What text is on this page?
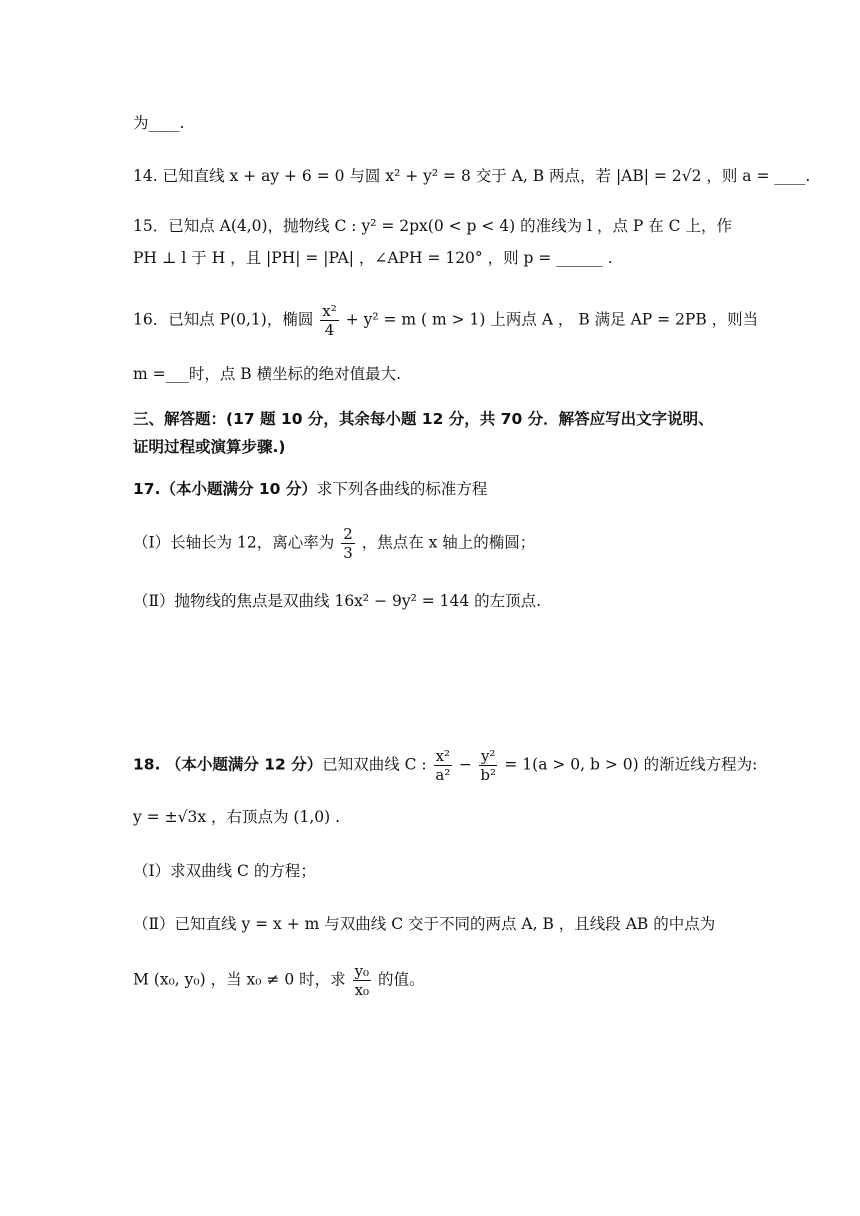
为____.
14. 已知直线 x + ay + 6 = 0 与圆 x² + y² = 8 交于 A, B 两点，若 |AB| = 2√2 ，则 a = ____.
15．已知点 A(4,0)，抛物线 C : y² = 2px(0 < p < 4) 的准线为 l ，点 P 在 C 上，作
PH ⊥ l 于 H ，且 |PH| = |PA| ，∠APH = 120° ，则 p = ______ .
16．已知点 P(0,1)，椭圆 $\frac{\text{x²}}{4} + y^2 = m$ ( m > 1) 上两点 A ， B 满足 AP = 2PB ，则当
m =___时，点 B 横坐标的绝对值最大.
三、解答题：(17 题 10 分，其余每小题 12 分，共 70 分．解答应写出文字说明、
证明过程或演算步骤.)
17.（本小题满分 10 分）求下列各曲线的标准方程
（Ⅰ）长轴长为 12，离心率为 $\frac{2}{3}$ ，焦点在 x 轴上的椭圆；
（Ⅱ）抛物线的焦点是双曲线 16x² − 9y² = 144 的左顶点.
18. （本小题满分 12 分）已知双曲线 C : $\frac{\text{x²}}{\text{a²}} - \frac{\text{y²}}{\text{b²}} = 1(a > 0$, b > 0) 的渐近线方程为:
y = ±√3x ，右顶点为 (1,0) .
（Ⅰ）求双曲线 C 的方程；
（Ⅱ）已知直线 y = x + m 与双曲线 C 交于不同的两点 A, B ，且线段 AB 的中点为
M (x₀, y₀) ，当 x₀ ≠ 0 时，求 $\frac{\text{y₀}}{\text{x₀}}$ 的值。
